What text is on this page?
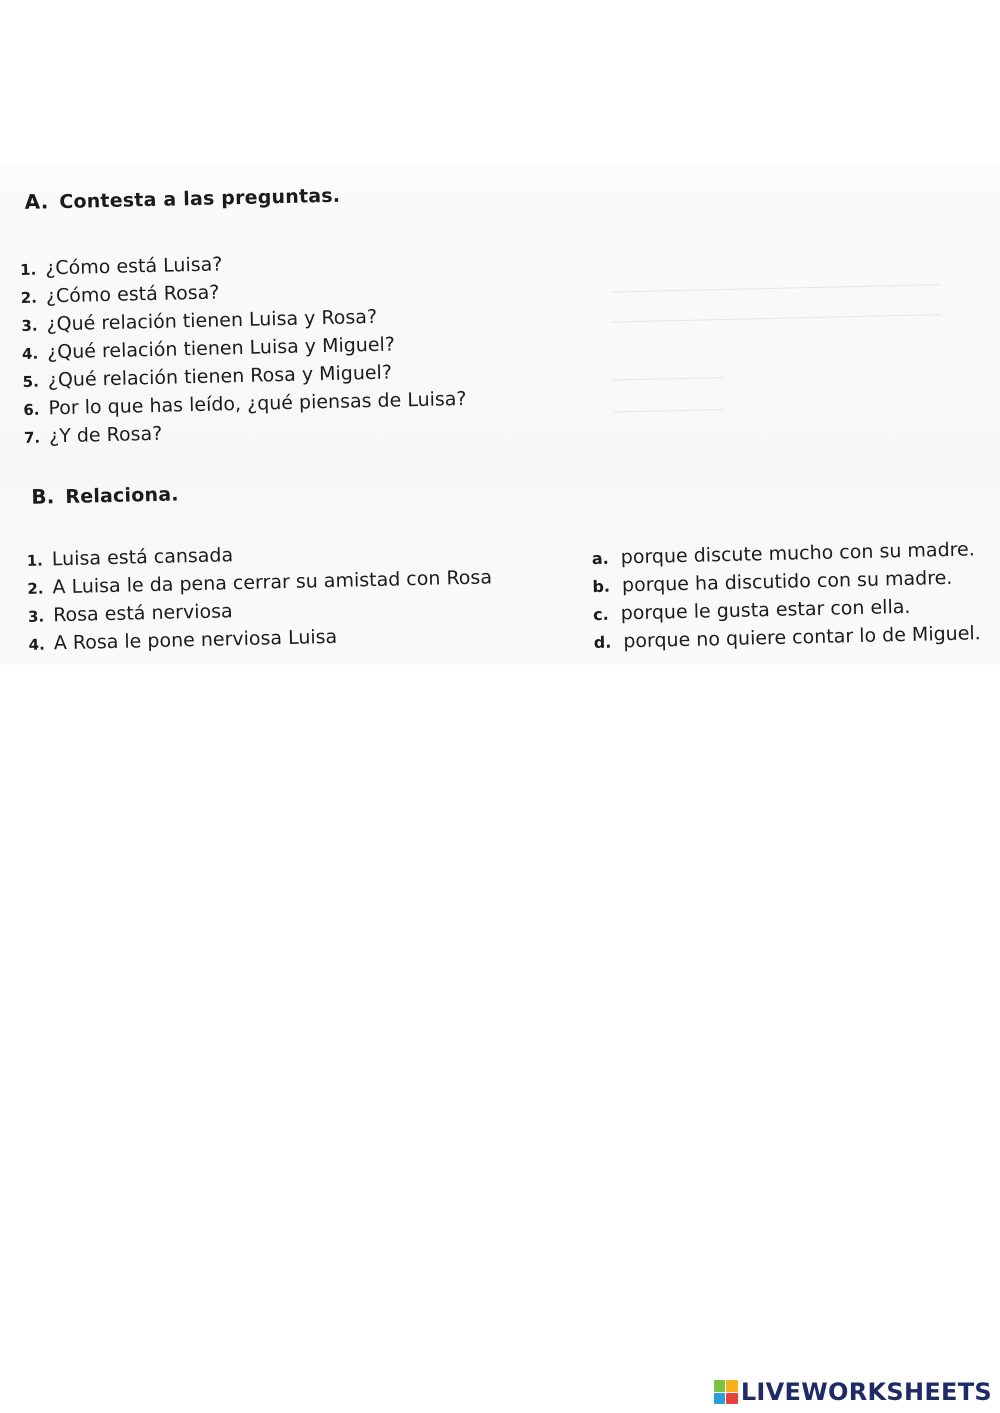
A. Contesta a las preguntas.
1. ¿Cómo está Luisa?
2. ¿Cómo está Rosa?
3. ¿Qué relación tienen Luisa y Rosa?
4. ¿Qué relación tienen Luisa y Miguel?
5. ¿Qué relación tienen Rosa y Miguel?
6. Por lo que has leído, ¿qué piensas de Luisa?
7. ¿Y de Rosa?
B. Relaciona.
1. Luisa está cansada
2. A Luisa le da pena cerrar su amistad con Rosa
3. Rosa está nerviosa
4. A Rosa le pone nerviosa Luisa
a. porque discute mucho con su madre.
b. porque ha discutido con su madre.
c. porque le gusta estar con ella.
d. porque no quiere contar lo de Miguel.
LIVEWORKSHEETS
